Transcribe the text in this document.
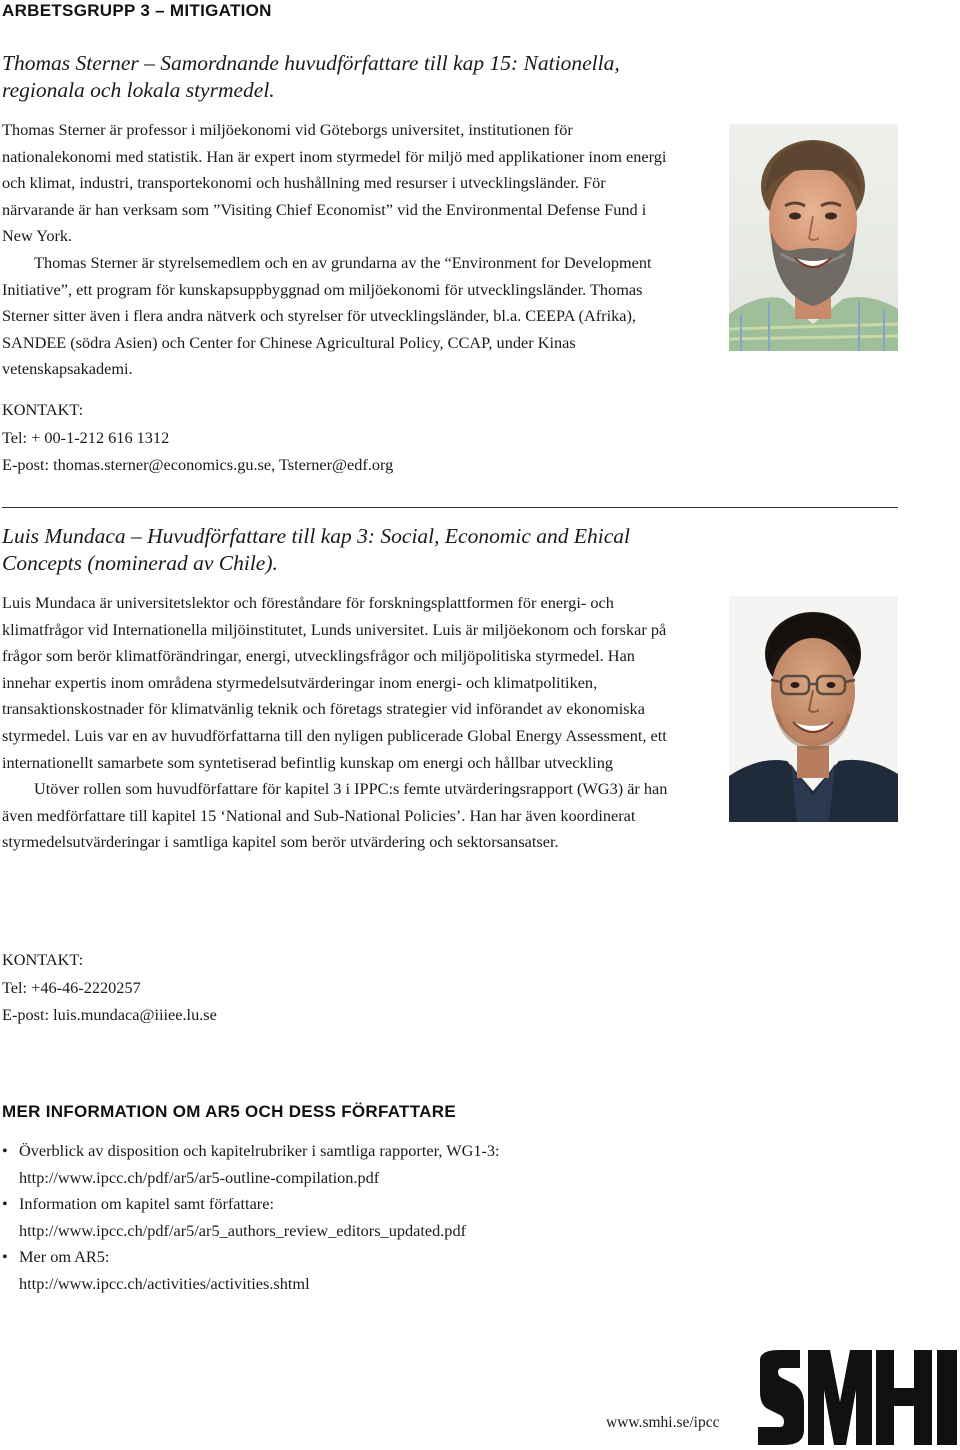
ARBETSGRUPP 3 – MITIGATION
Thomas Sterner – Samordnande huvudförfattare till kap 15: Nationella, regionala och lokala styrmedel.

Thomas Sterner är professor i miljöekonomi vid Göteborgs universitet, institutionen för nationalekonomi med statistik. Han är expert inom styrmedel för miljö med applikationer inom energi och klimat, industri, transportekonomi och hushållning med resurser i utvecklingsländer. För närvarande är han verksam som ”Visiting Chief Economist” vid the Environmental Defense Fund i New York.

Thomas Sterner är styrelsemedlem och en av grundarna av the “Environment for Development Initiative”, ett program för kunskapsuppbyggnad om miljöekonomi för utvecklingsländer. Thomas Sterner sitter även i flera andra nätverk och styrelser för utvecklingsländer, bl.a. CEEPA (Afrika), SANDEE (södra Asien) och Center for Chinese Agricultural Policy, CCAP, under Kinas vetenskapsakademi.

KONTAKT:
Tel: + 00-1-212 616 1312
E-post: thomas.sterner@economics.gu.se, Tsterner@edf.org
Luis Mundaca – Huvudförfattare till kap 3: Social, Economic and Ehical Concepts (nominerad av Chile).

Luis Mundaca är universitetslektor och föreståndare för forskningsplattformen för energi- och klimatfrågor vid Internationella miljöinstitutet, Lunds universitet. Luis är miljöekonom och forskar på frågor som berör klimatförändringar, energi, utvecklingsfrågor och miljöpolitiska styrmedel. Han innehar expertis inom områdena styrmedelsutvärderingar inom energi- och klimatpolitiken, transaktionskostnader för klimatvänlig teknik och företags strategier vid införandet av ekonomiska styrmedel. Luis var en av huvudförfattarna till den nyligen publicerade Global Energy Assessment, ett internationellt samarbete som syntetiserad befintlig kunskap om energi och hållbar utveckling

Utöver rollen som huvudförfattare för kapitel 3 i IPPC:s femte utvärderingsrapport (WG3) är han även medförfattare till kapitel 15 ‘National and Sub-National Policies’. Han har även koordinerat styrmedelsutvärderingar i samtliga kapitel som berör utvärdering och sektorsansatser.

KONTAKT:
Tel: +46-46-2220257
E-post: luis.mundaca@iiiee.lu.se
MER INFORMATION OM AR5 OCH DESS FÖRFATTARE
• Överblick av disposition och kapitelrubriker i samtliga rapporter, WG1-3:
http://www.ipcc.ch/pdf/ar5/ar5-outline-compilation.pdf
• Information om kapitel samt författare:
http://www.ipcc.ch/pdf/ar5/ar5_authors_review_editors_updated.pdf
• Mer om AR5:
http://www.ipcc.ch/activities/activities.shtml
www.smhi.se/ipcc
